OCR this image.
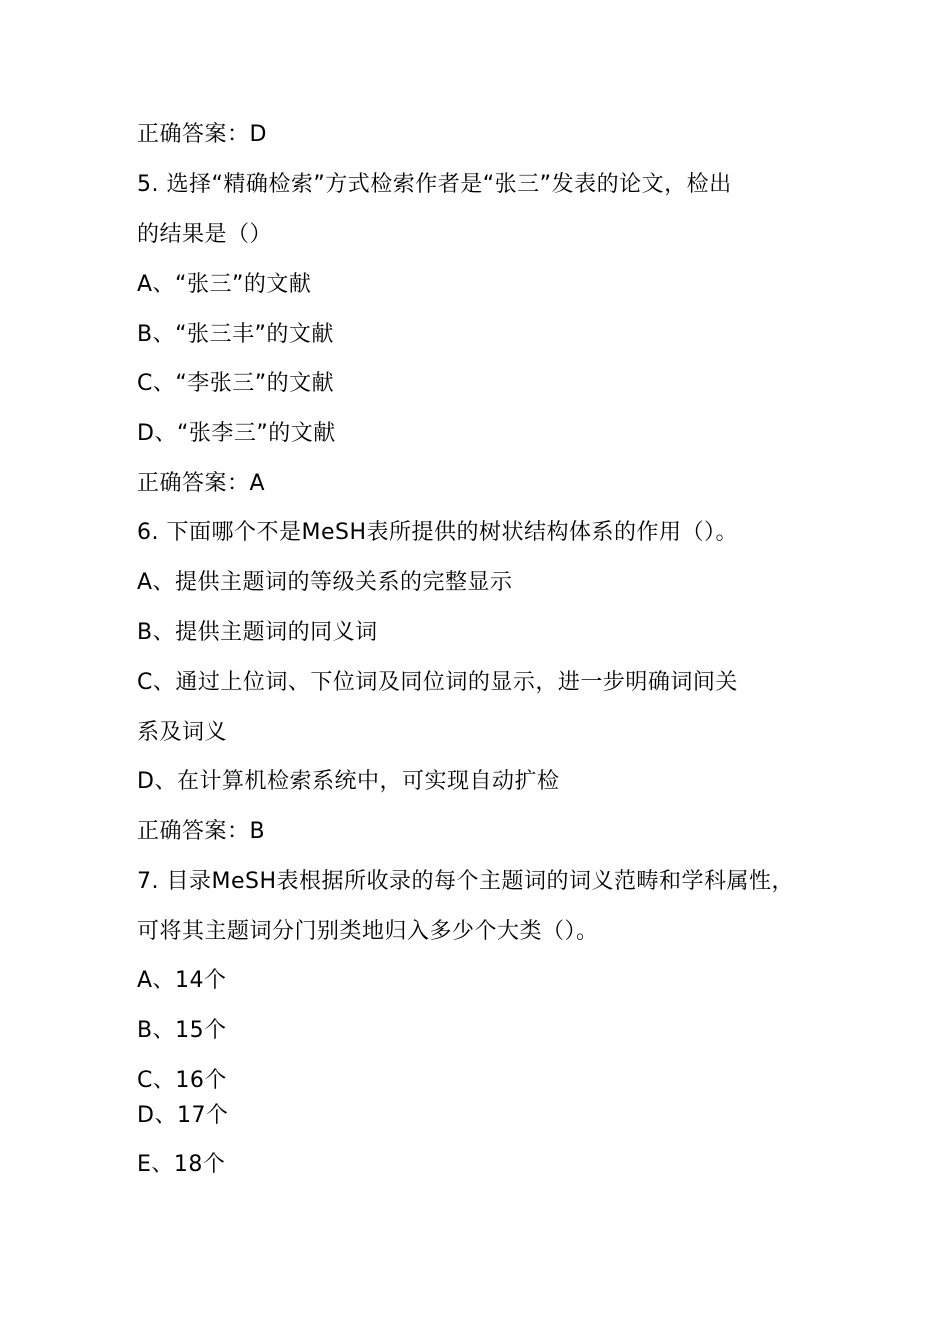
正确答案：D
5. 选择“精确检索”方式检索作者是“张三”发表的论文，检出
的结果是（）
A、“张三”的文献
B、“张三丰”的文献
C、“李张三”的文献
D、“张李三”的文献
正确答案：A
6. 下面哪个不是MeSH表所提供的树状结构体系的作用（）。
A、提供主题词的等级关系的完整显示
B、提供主题词的同义词
C、通过上位词、下位词及同位词的显示，进一步明确词间关
系及词义
D、在计算机检索系统中，可实现自动扩检
正确答案：B
7. 目录MeSH表根据所收录的每个主题词的词义范畴和学科属性，
可将其主题词分门别类地归入多少个大类（）。
A、14个
B、15个
C、16个
D、17个
E、18个
